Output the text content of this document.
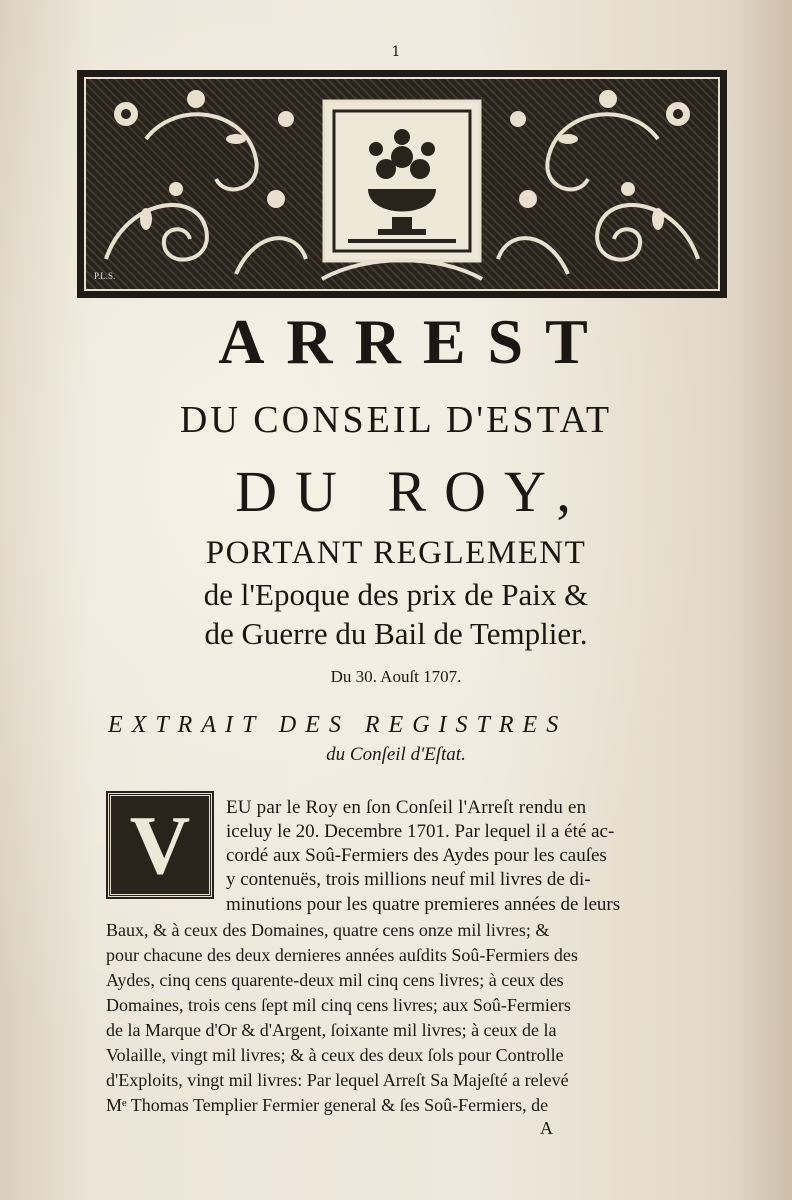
1
P.L.S.
ARREST
DU CONSEIL D'ESTAT
DU ROY,
PORTANT REGLEMENT
de l'Epoque des prix de Paix &
de Guerre du Bail de Templier.
Du 30. Aouſt 1707.
EXTRAIT DES REGISTRES
du Conſeil d'Eſtat.
V	EU par le Roy en ſon Conſeil l'Arreſt rendu en
iceluy le 20. Decembre 1701. Par lequel il a été ac-
cordé aux Soû-Fermiers des Aydes pour les cauſes
y contenuës, trois millions neuf mil livres de di-
minutions pour les quatre premieres années de leurs
Baux, & à ceux des Domaines, quatre cens onze mil livres; &
pour chacune des deux dernieres années auſdits Soû-Fermiers des
Aydes, cinq cens quarente-deux mil cinq cens livres; à ceux des
Domaines, trois cens ſept mil cinq cens livres; aux Soû-Fermiers
de la Marque d'Or & d'Argent, ſoixante mil livres; à ceux de la
Volaille, vingt mil livres; & à ceux des deux ſols pour Controlle
d'Exploits, vingt mil livres: Par lequel Arreſt Sa Majeſté a relevé
Mᵉ Thomas Templier Fermier general & ſes Soû-Fermiers, de
A
